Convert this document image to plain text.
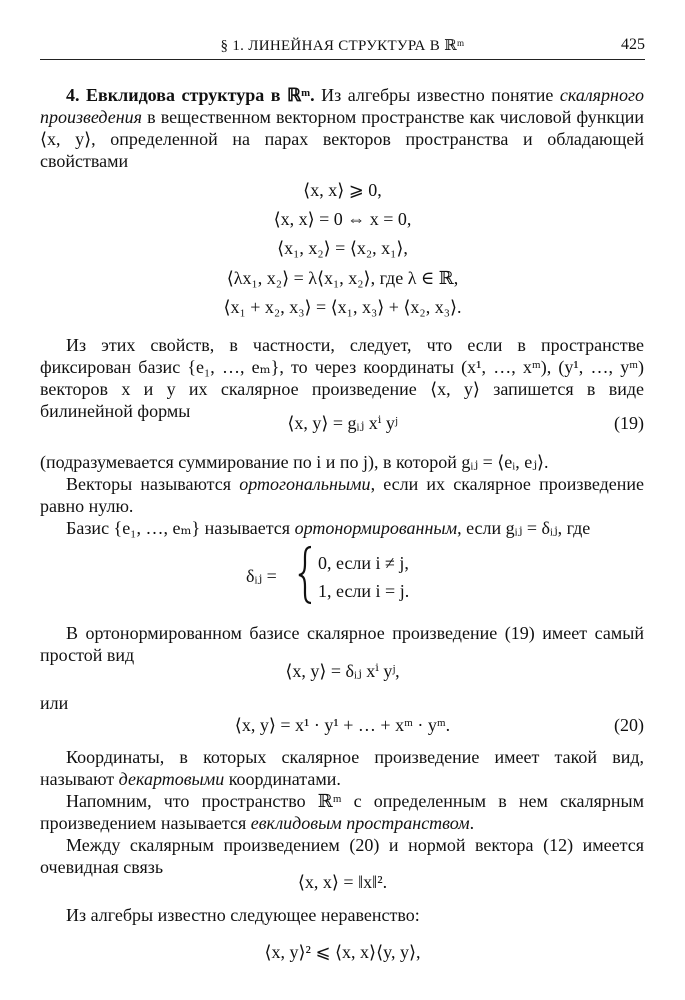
§ 1. ЛИНЕЙНАЯ СТРУКТУРА В ℝᵐ	425
4. Евклидова структура в ℝᵐ. Из алгебры известно понятие скалярного произведения в вещественном векторном пространстве как числовой функции ⟨x, y⟩, определенной на парах векторов пространства и обладающей свойствами
⟨x, x⟩ ⩾ 0,
⟨x, x⟩ = 0 ⇔ x = 0,
⟨x₁, x₂⟩ = ⟨x₂, x₁⟩,
⟨λx₁, x₂⟩ = λ⟨x₁, x₂⟩, где λ ∈ ℝ,
⟨x₁ + x₂, x₃⟩ = ⟨x₁, x₃⟩ + ⟨x₂, x₃⟩.
Из этих свойств, в частности, следует, что если в пространстве фиксирован базис {e₁, …, eₘ}, то через координаты (x¹, …, xᵐ), (y¹, …, yᵐ) векторов x и y их скалярное произведение ⟨x, y⟩ запишется в виде билинейной формы
⟨x, y⟩ = gᵢⱼ xⁱ yʲ	(19)
(подразумевается суммирование по i и по j), в которой gᵢⱼ = ⟨eᵢ, eⱼ⟩.
Векторы называются ортогональными, если их скалярное произведение равно нулю.
Базис {e₁, …, eₘ} называется ортонормированным, если gᵢⱼ = δᵢⱼ, где
δᵢⱼ =
0, если i ≠ j,
1, если i = j.
В ортонормированном базисе скалярное произведение (19) имеет самый простой вид
⟨x, y⟩ = δᵢⱼ xⁱ yʲ,
или
⟨x, y⟩ = x¹ · y¹ + … + xᵐ · yᵐ.	(20)
Координаты, в которых скалярное произведение имеет такой вид, называют декартовыми координатами.
Напомним, что пространство ℝᵐ с определенным в нем скалярным произведением называется евклидовым пространством.
Между скалярным произведением (20) и нормой вектора (12) имеется очевидная связь
⟨x, x⟩ = ‖x‖².
Из алгебры известно следующее неравенство:
⟨x, y⟩² ⩽ ⟨x, x⟩⟨y, y⟩,
